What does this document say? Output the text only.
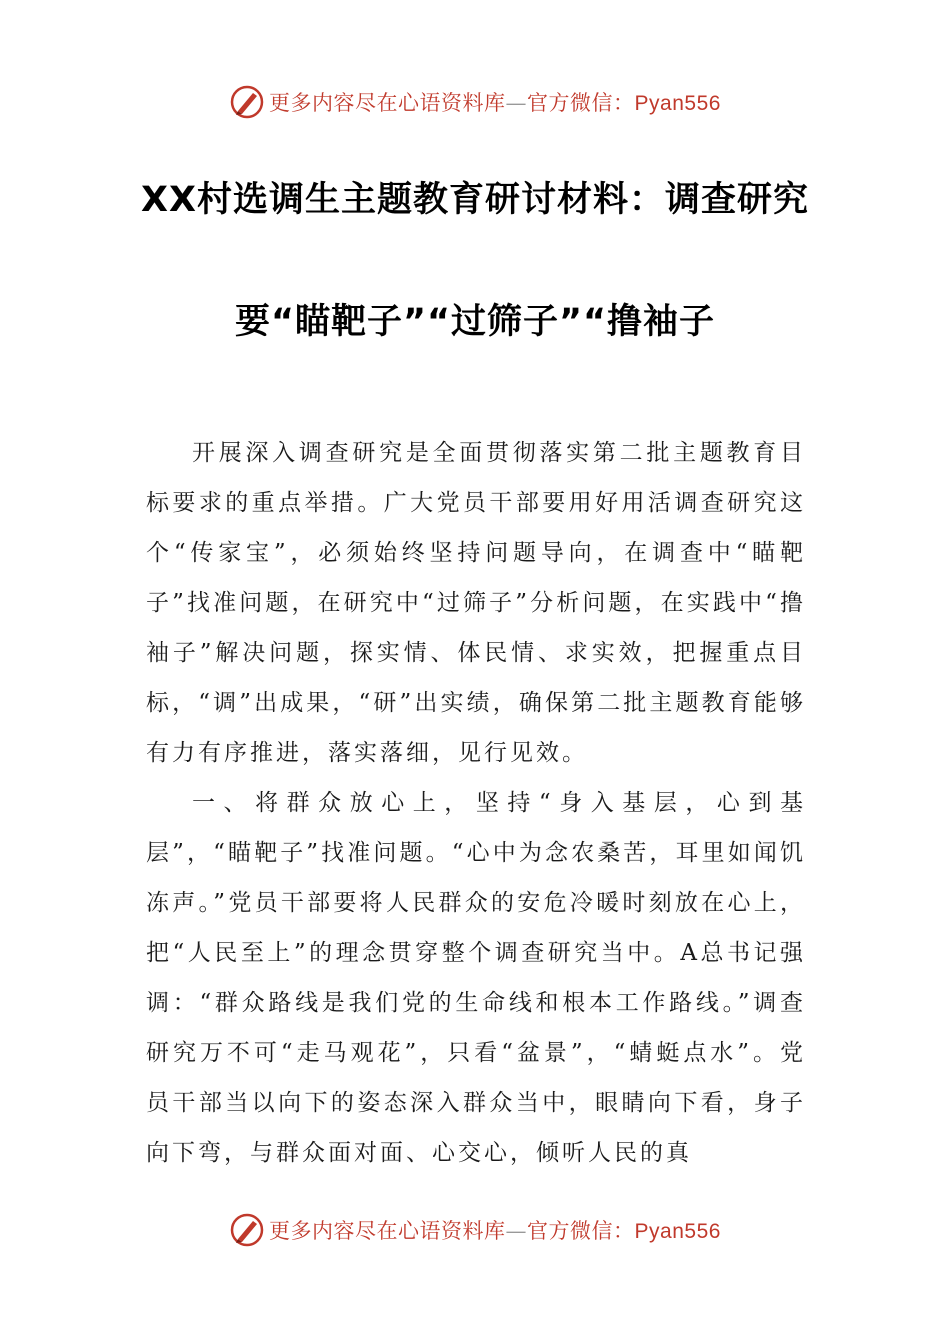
更多内容尽在心语资料库—官方微信：Pyan556
XX村选调生主题教育研讨材料：调查研究
要“瞄靶子”“过筛子”“撸袖子

开展深入调查研究是全面贯彻落实第二批主题教育目标要求的重点举措。广大党员干部要用好用活调查研究这个“传家宝”，必须始终坚持问题导向，在调查中“瞄靶子”找准问题，在研究中“过筛子”分析问题，在实践中“撸袖子”解决问题，探实情、体民情、求实效，把握重点目标，“调”出成果，“研”出实绩，确保第二批主题教育能够有力有序推进，落实落细，见行见效。

一、将群众放心上，坚持“身入基层，心到基层”，“瞄靶子”找准问题。“心中为念农桑苦，耳里如闻饥冻声。”党员干部要将人民群众的安危冷暖时刻放在心上，把“人民至上”的理念贯穿整个调查研究当中。A总书记强调：“群众路线是我们党的生命线和根本工作路线。”调查研究万不可“走马观花”，只看“盆景”，“蜻蜓点水”。党员干部当以向下的姿态深入群众当中，眼睛向下看，身子向下弯，与群众面对面、心交心，倾听人民的真

更多内容尽在心语资料库—官方微信：Pyan556
